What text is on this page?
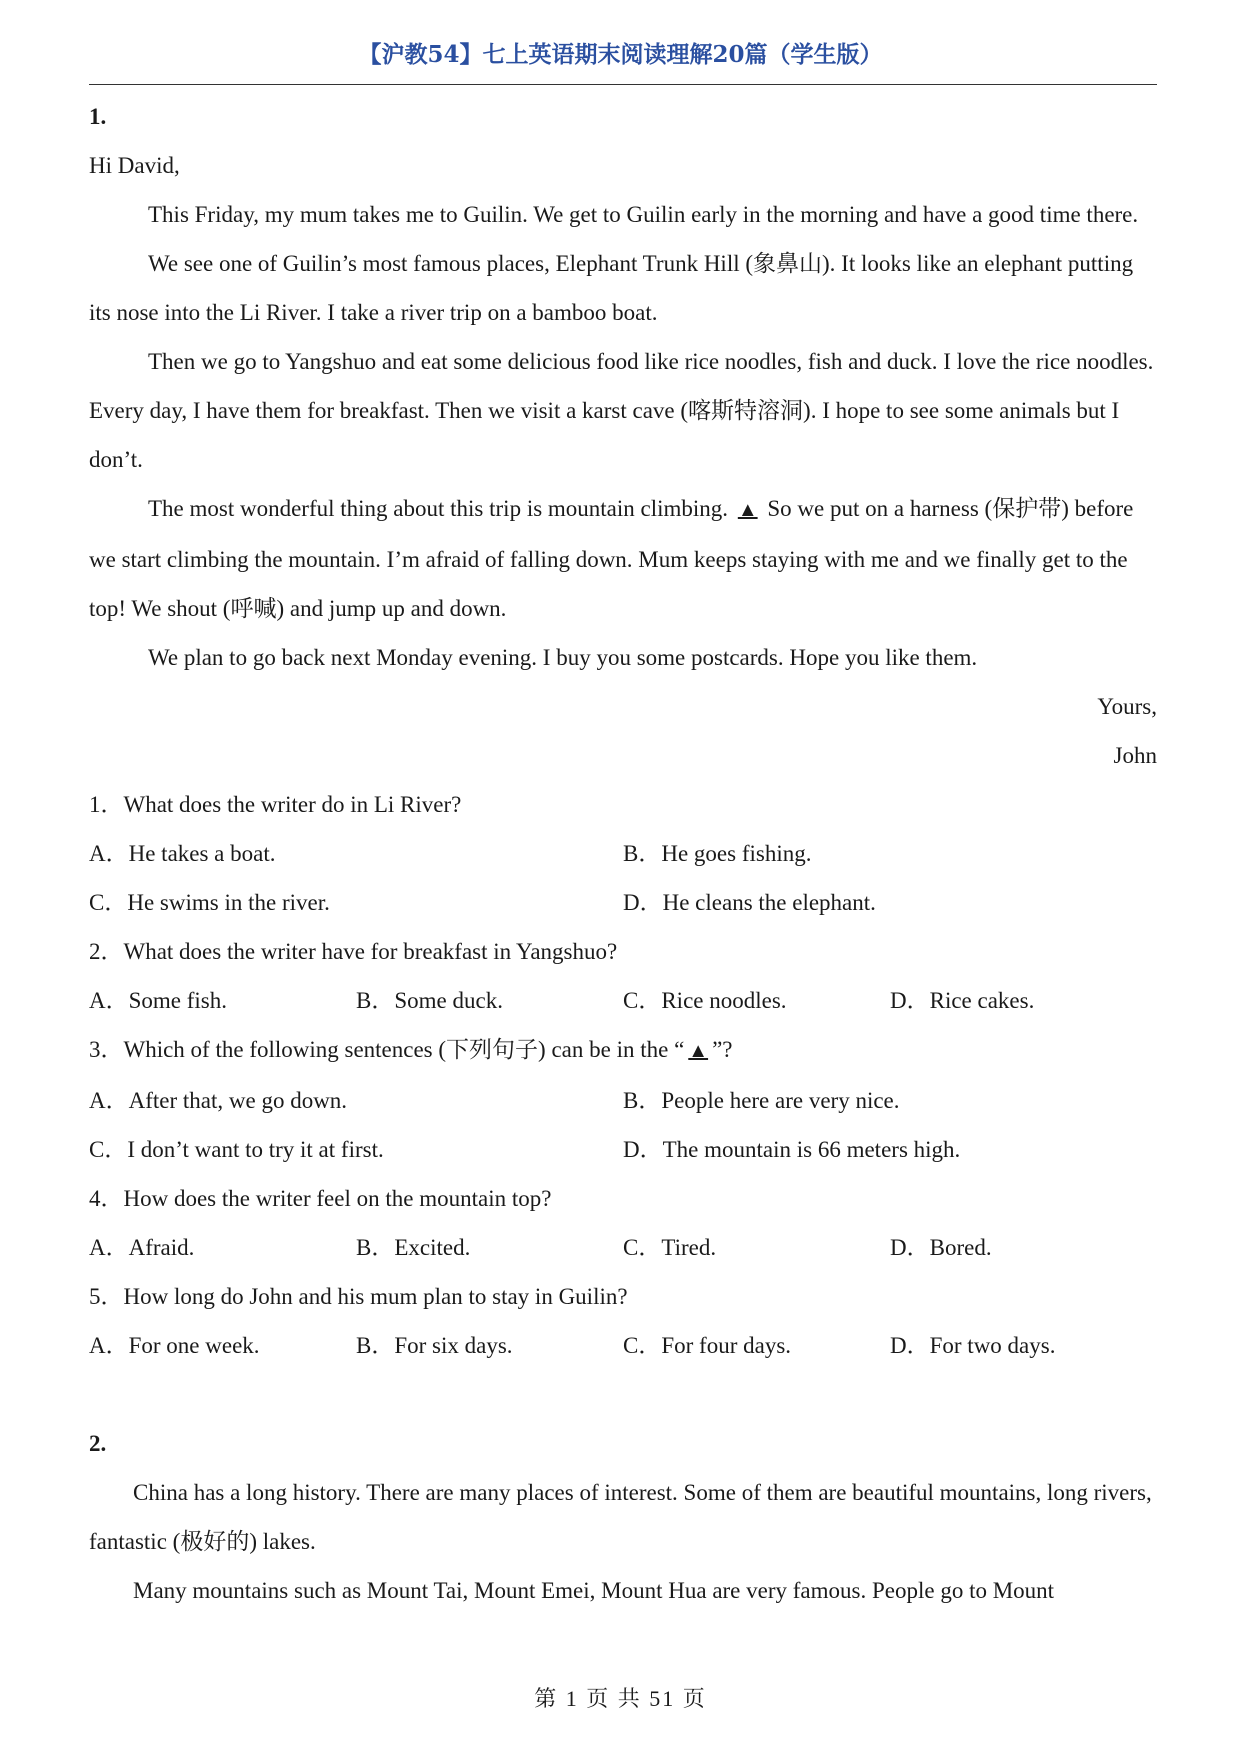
【沪教54】七上英语期末阅读理解20篇（学生版）

1.

Hi David,

This Friday, my mum takes me to Guilin. We get to Guilin early in the morning and have a good time there.

We see one of Guilin’s most famous places, Elephant Trunk Hill (象鼻山). It looks like an elephant putting its nose into the Li River. I take a river trip on a bamboo boat.

Then we go to Yangshuo and eat some delicious food like rice noodles, fish and duck. I love the rice noodles. Every day, I have them for breakfast. Then we visit a karst cave (喀斯特溶洞). I hope to see some animals but I don’t.

The most wonderful thing about this trip is mountain climbing. ▲ So we put on a harness (保护带) before we start climbing the mountain. I’m afraid of falling down. Mum keeps staying with me and we finally get to the top! We shout (呼喊) and jump up and down.

We plan to go back next Monday evening. I buy you some postcards. Hope you like them.

Yours,

John

1．What does the writer do in Li River?

A．He takes a boat.	B．He goes fishing.
C．He swims in the river.	D．He cleans the elephant.

2．What does the writer have for breakfast in Yangshuo?

A．Some fish.	B．Some duck.	C．Rice noodles.	D．Rice cakes.

3．Which of the following sentences (下列句子) can be in the “ ▲ ”?

A．After that, we go down.	B．People here are very nice.
C．I don’t want to try it at first.	D．The mountain is 66 meters high.

4．How does the writer feel on the mountain top?

A．Afraid.	B．Excited.	C．Tired.	D．Bored.

5．How long do John and his mum plan to stay in Guilin?

A．For one week.	B．For six days.	C．For four days.	D．For two days.

2.

China has a long history. There are many places of interest. Some of them are beautiful mountains, long rivers, fantastic (极好的) lakes.

Many mountains such as Mount Tai, Mount Emei, Mount Hua are very famous. People go to Mount

第 1 页 共 51 页
